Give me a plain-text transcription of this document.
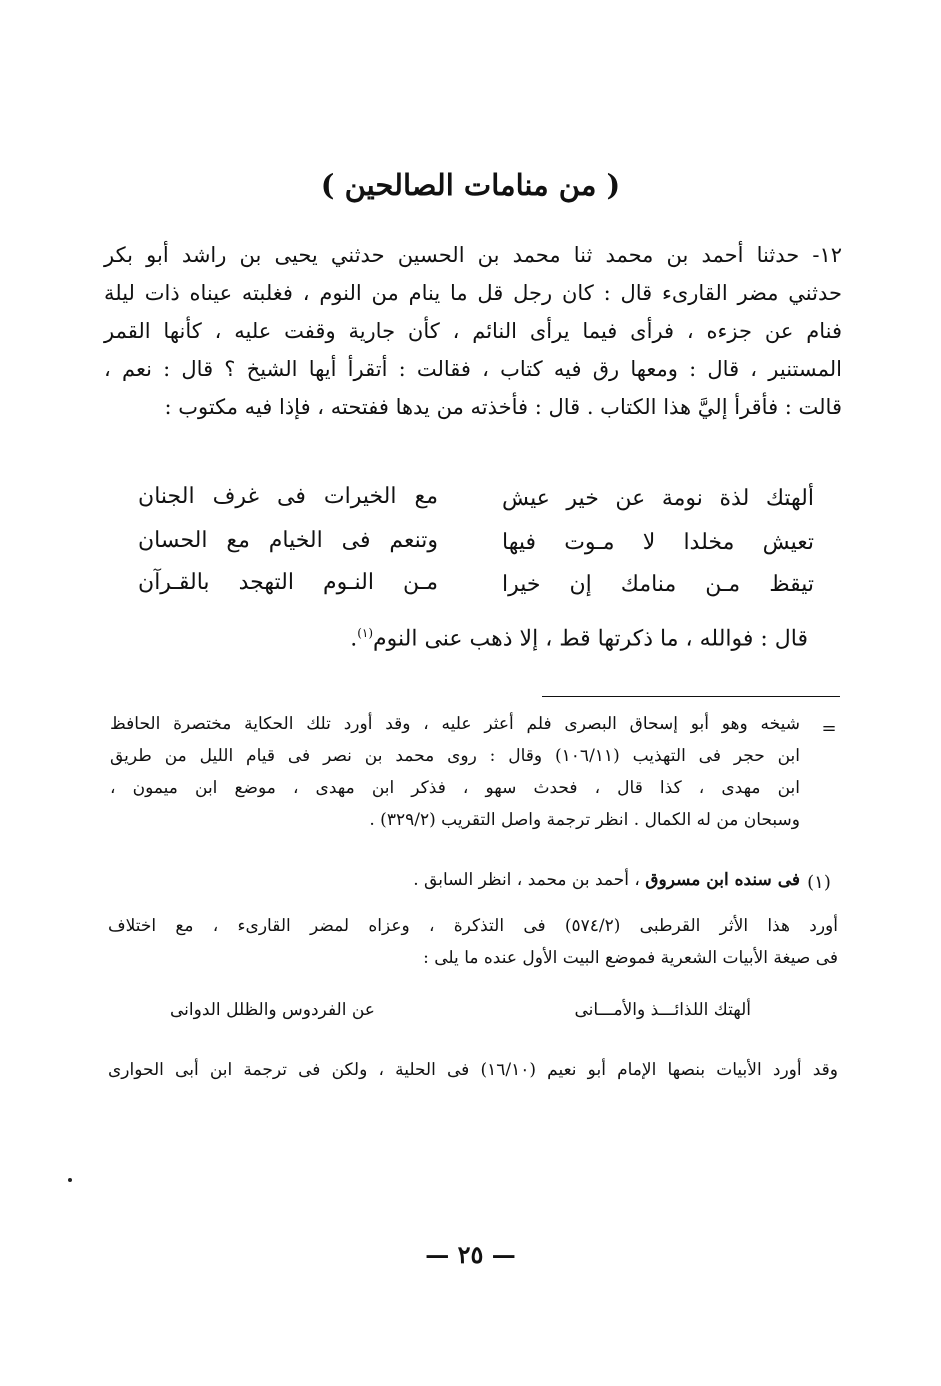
( من منامات الصالحين )

١٢- حدثنا أحمد بن محمد ثنا محمد بن الحسين حدثني يحيى بن راشد أبو بكر
حدثني مضر القارىء قال : كان رجل قل ما ينام من النوم ، فغلبته عيناه ذات ليلة
فنام عن جزءه ، فرأى فيما يرأى النائم ، كأن جارية وقفت عليه ، كأنها القمر
المستنير ، قال : ومعها رق فيه كتاب ، فقالت : أتقرأ أيها الشيخ ؟ قال : نعم ،
قالت : فأقرأ إليَّ هذا الكتاب . قال : فأخذته من يدها ففتحته ، فإذا فيه مكتوب :

ألهتك
لذة
نومة
عن
خير
عيش
مع
الخيرات
فى
غرف
الجنان
تعيش
مخلدا
لا
مـوت
فيها
وتنعم
فى
الخيام
مع
الحسان
تيقظ
مـن
منامك
إن
خيرا
مـن
النـوم
التهجد
بالقـرآن
قال : فوالله ، ما ذكرتها قط ، إلا ذهب عنى النوم$^{(١)}$.
=

شيخه وهو أبو إسحاق البصرى فلم أعثر عليه ، وقد أورد تلك الحكاية مختصرة الحافظ
ابن حجر فى التهذيب (١٠٦/١١) وقال : روى محمد بن نصر فى قيام الليل من طريق
ابن مهدى ، كذا قال ، فحدث سهو ، فذكر ابن مهدى ، موضع ابن ميمون ،
وسبحان من له الكمال . انظر ترجمة واصل التقريب (٣٢٩/٢) .

(١)
فى سنده ابن مسروق ، أحمد بن محمد ، انظر السابق .

أورد هذا الأثر القرطبى (٥٧٤/٢) فى التذكرة ، وعزاه لمضر القارىء ، مع اختلاف
فى صيغة الأبيات الشعرية فموضع البيت الأول عنده ما يلى :

ألهتك اللذائـــذ والأمـــانى
عن الفردوس والظلل الدوانى

وقد أورد الأبيات بنصها الإمام أبو نعيم (١٦/١٠) فى الحلية ، ولكن فى ترجمة ابن أبى الحوارى

— ٢٥ —
